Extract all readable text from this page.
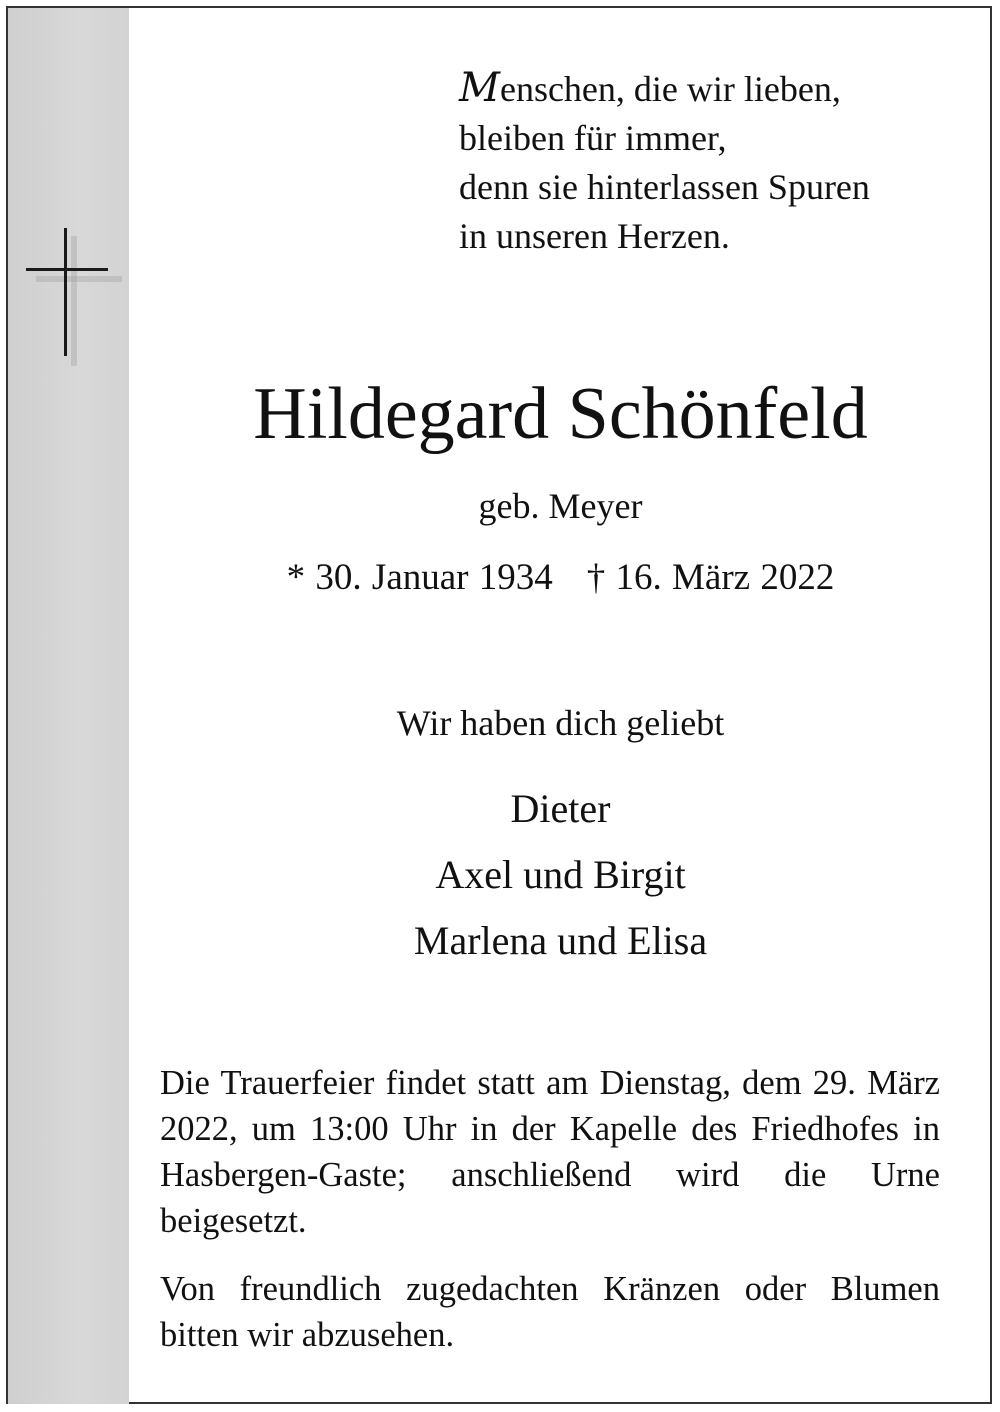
Menschen, die wir lieben,
bleiben für immer,
denn sie hinterlassen Spuren
in unseren Herzen.

Hildegard Schönfeld

geb. Meyer

* 30. Januar 1934 † 16. März 2022

Wir haben dich geliebt

Dieter
Axel und Birgit
Marlena und Elisa

Die Trauerfeier findet statt am Dienstag, dem 29. März 2022, um 13:00 Uhr in der Kapelle des Friedhofes in Hasbergen-Gaste; anschließend wird die Urne beigesetzt.

Von freundlich zugedachten Kränzen oder Blumen bitten wir abzusehen.
